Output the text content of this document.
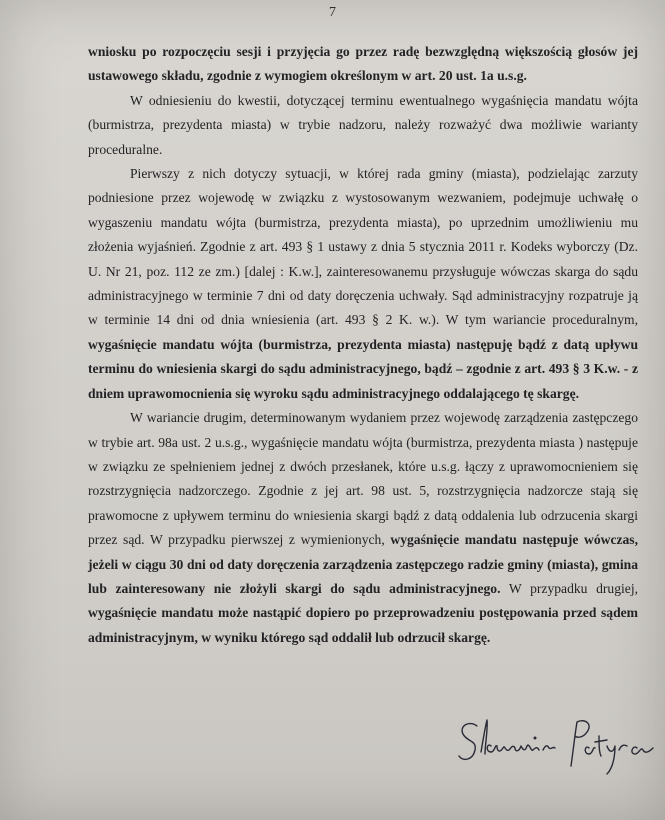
7

wniosku po rozpoczęciu sesji i przyjęcia go przez radę bezwzględną większością głosów jej ustawowego składu, zgodnie z wymogiem określonym w art. 20 ust. 1a u.s.g.

W odniesieniu do kwestii, dotyczącej terminu ewentualnego wygaśnięcia mandatu wójta (burmistrza, prezydenta miasta) w trybie nadzoru, należy rozważyć dwa możliwie warianty proceduralne.

Pierwszy z nich dotyczy sytuacji, w której rada gminy (miasta), podzielając zarzuty podniesione przez wojewodę w związku z wystosowanym wezwaniem, podejmuje uchwałę o wygaszeniu mandatu wójta (burmistrza, prezydenta miasta), po uprzednim umożliwieniu mu złożenia wyjaśnień. Zgodnie z art. 493 § 1 ustawy z dnia 5 stycznia 2011 r. Kodeks wyborczy (Dz. U. Nr 21, poz. 112 ze zm.) [dalej : K.w.], zainteresowanemu przysługuje wówczas skarga do sądu administracyjnego w terminie 7 dni od daty doręczenia uchwały. Sąd administracyjny rozpatruje ją w terminie 14 dni od dnia wniesienia (art. 493 § 2 K. w.). W tym wariancie proceduralnym, wygaśnięcie mandatu wójta (burmistrza, prezydenta miasta) następuję bądź z datą upływu terminu do wniesienia skargi do sądu administracyjnego, bądź – zgodnie z art. 493 § 3 K.w. - z dniem uprawomocnienia się wyroku sądu administracyjnego oddalającego tę skargę.

W wariancie drugim, determinowanym wydaniem przez wojewodę zarządzenia zastępczego w trybie art. 98a ust. 2 u.s.g., wygaśnięcie mandatu wójta (burmistrza, prezydenta miasta ) następuje w związku ze spełnieniem jednej z dwóch przesłanek, które u.s.g. łączy z uprawomocnieniem się rozstrzygnięcia nadzorczego. Zgodnie z jej art. 98 ust. 5, rozstrzygnięcia nadzorcze stają się prawomocne z upływem terminu do wniesienia skargi bądź z datą oddalenia lub odrzucenia skargi przez sąd. W przypadku pierwszej z wymienionych, wygaśnięcie mandatu następuje wówczas, jeżeli w ciągu 30 dni od daty doręczenia zarządzenia zastępczego radzie gminy (miasta), gmina lub zainteresowany nie złożyli skargi do sądu administracyjnego. W przypadku drugiej, wygaśnięcie mandatu może nastąpić dopiero po przeprowadzeniu postępowania przed sądem administracyjnym, w wyniku którego sąd oddalił lub odrzucił skargę.
